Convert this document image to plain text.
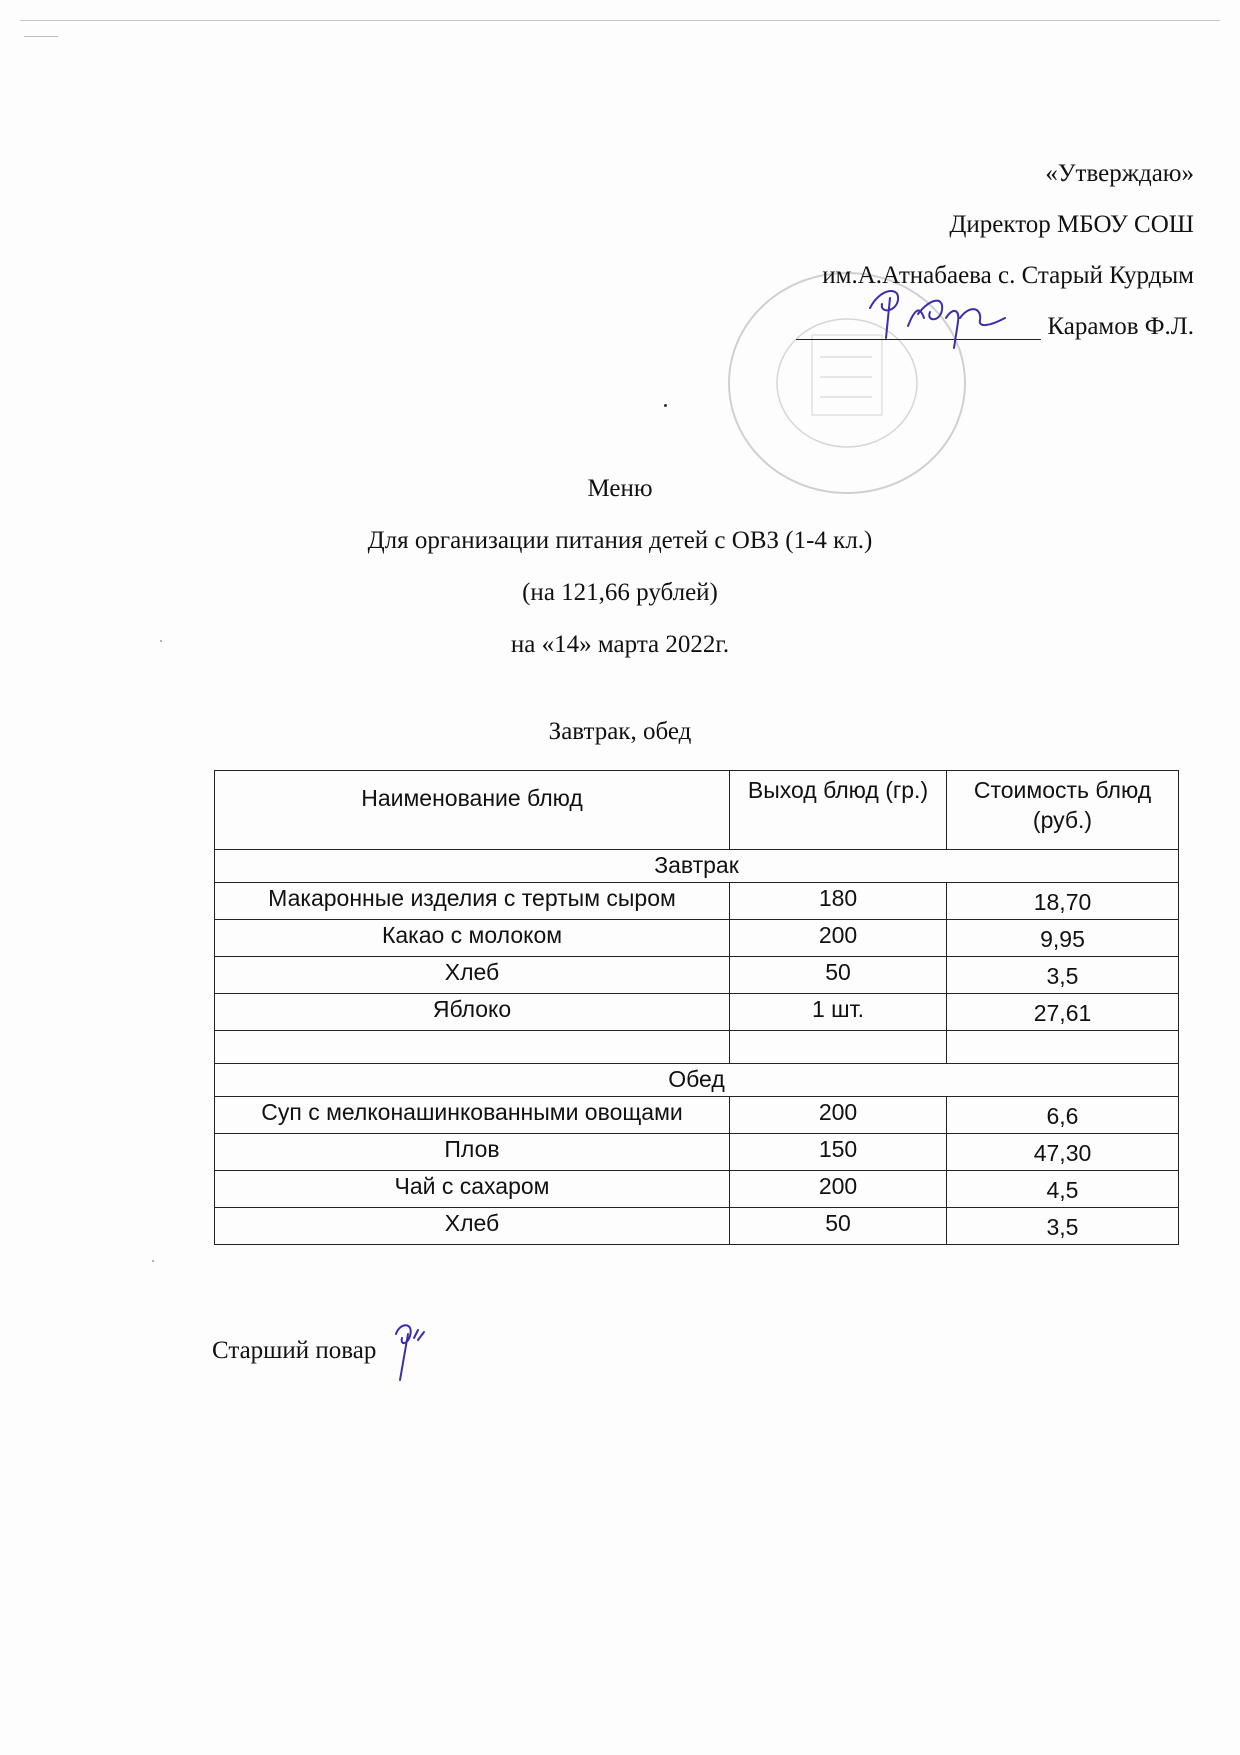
«Утверждаю»
Директор МБОУ СОШ
им.А.Атнабаева с. Старый Курдым
Карамов Ф.Л.
Меню
Для организации питания детей с ОВЗ (1-4 кл.)
(на 121,66 рублей)
на «14» марта 2022г.
Завтрак, обед
Наименование блюд	Выход блюд (гр.)	Стоимость блюд (руб.)
Завтрак		
Макаронные изделия с тертым сыром	180	18,70
Какао с молоком	200	9,95
Хлеб	50	3,5
Яблоко	1 шт.	27,61

Обед		
Суп с мелконашинкованными овощами	200	6,6
Плов	150	47,30
Чай с сахаром	200	4,5
Хлеб	50	3,5
Старший повар
